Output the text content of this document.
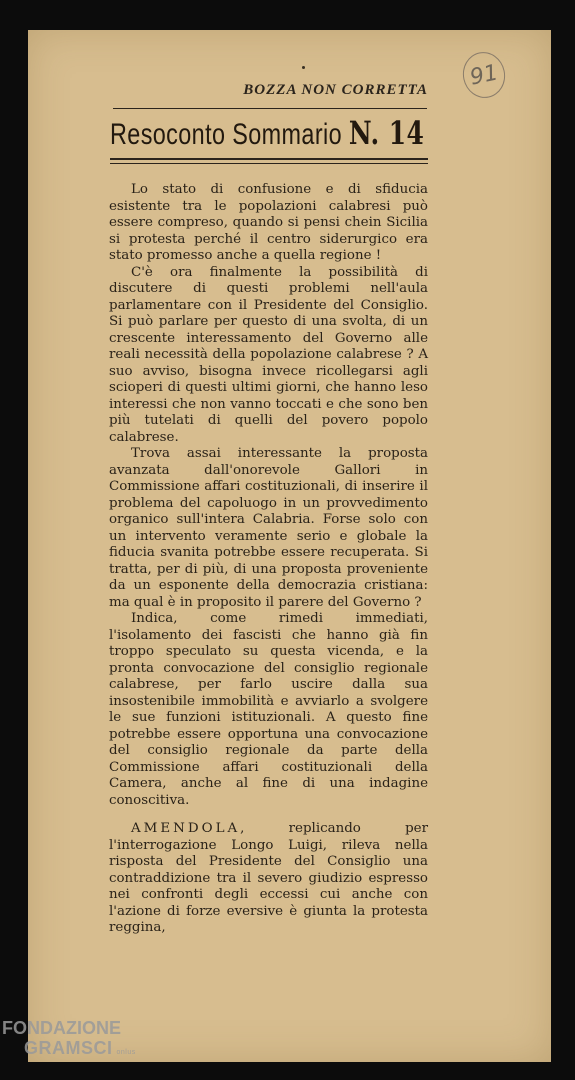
91
BOZZA NON CORRETTA
Resoconto Sommario N. 14

Lo stato di confusione e di sfiducia esistente tra le popolazioni calabresi può essere compreso, quando si pensi chein Sicilia si protesta perché il centro siderurgico era stato promesso anche a quella regione !

C'è ora finalmente la possibilità di discutere di questi problemi nell'aula parlamentare con il Presidente del Consiglio. Si può parlare per questo di una svolta, di un crescente interessamento del Governo alle reali necessità della popolazione calabrese ? A suo avviso, bisogna invece ricollegarsi agli scioperi di questi ultimi giorni, che hanno leso interessi che non vanno toccati e che sono ben più tutelati di quelli del povero popolo calabrese.

Trova assai interessante la proposta avanzata dall'onorevole Gallori in Commissione affari costituzionali, di inserire il problema del capoluogo in un provvedimento organico sull'intera Calabria. Forse solo con un intervento veramente serio e globale la fiducia svanita potrebbe essere recuperata. Si tratta, per di più, di una proposta proveniente da un esponente della democrazia cristiana: ma qual è in proposito il parere del Governo ?

Indica, come rimedi immediati, l'isolamento dei fascisti che hanno già fin troppo speculato su questa vicenda, e la pronta convocazione del consiglio regionale calabrese, per farlo uscire dalla sua insostenibile immobilità e avviarlo a svolgere le sue funzioni istituzionali. A questo fine potrebbe essere opportuna una convocazione del consiglio regionale da parte della Commissione affari costituzionali della Camera, anche al fine di una indagine conoscitiva.

AMENDOLA, replicando per l'interrogazione Longo Luigi, rileva nella risposta del Presidente del Consiglio una contraddizione tra il severo giudizio espresso nei confronti degli eccessi cui anche con l'azione di forze eversive è giunta la protesta reggina,

FONDAZIONE
GRAMSCI onlus
